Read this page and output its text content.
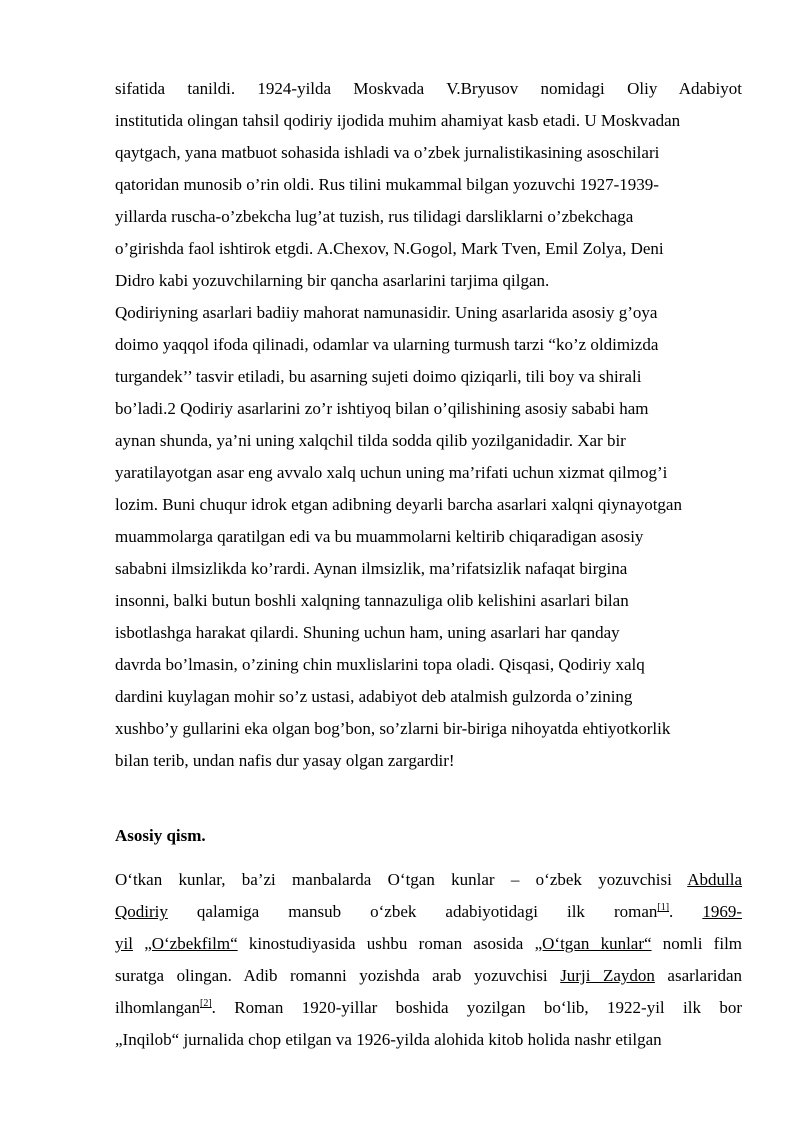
sifatida tanildi. 1924-yilda Moskvada V.Bryusov nomidagi Oliy Adabiyot
institutida olingan tahsil qodiriy ijodida muhim ahamiyat kasb etadi. U Moskvadan
qaytgach, yana matbuot sohasida ishladi va o’zbek jurnalistikasining asoschilari
qatoridan munosib o’rin oldi. Rus tilini mukammal bilgan yozuvchi 1927-1939-
yillarda ruscha-o’zbekcha lug’at tuzish, rus tilidagi darsliklarni o’zbekchaga
o’girishda faol ishtirok etgdi. A.Chexov, N.Gogol, Mark Tven, Emil Zolya, Deni
Didro kabi yozuvchilarning bir qancha asarlarini tarjima qilgan.
Qodiriyning asarlari badiiy mahorat namunasidir. Uning asarlarida asosiy g’oya
doimo yaqqol ifoda qilinadi, odamlar va ularning turmush tarzi “ko’z oldimizda
turgandek’’ tasvir etiladi, bu asarning sujeti doimo qiziqarli, tili boy va shirali
bo’ladi.2 Qodiriy asarlarini zo’r ishtiyoq bilan o’qilishining asosiy sababi ham
aynan shunda, ya’ni uning xalqchil tilda sodda qilib yozilganidadir. Xar bir
yaratilayotgan asar eng avvalo xalq uchun uning ma’rifati uchun xizmat qilmog’i
lozim. Buni chuqur idrok etgan adibning deyarli barcha asarlari xalqni qiynayotgan
muammolarga qaratilgan edi va bu muammolarni keltirib chiqaradigan asosiy
sababni ilmsizlikda ko’rardi. Aynan ilmsizlik, ma’rifatsizlik nafaqat birgina
insonni, balki butun boshli xalqning tannazuliga olib kelishini asarlari bilan
isbotlashga harakat qilardi. Shuning uchun ham, uning asarlari har qanday
davrda bo’lmasin, o’zining chin muxlislarini topa oladi. Qisqasi, Qodiriy xalq
dardini kuylagan mohir so’z ustasi, adabiyot deb atalmish gulzorda o’zining
xushbo’y gullarini eka olgan bog’bon, so’zlarni bir-biriga nihoyatda ehtiyotkorlik
bilan terib, undan nafis dur yasay olgan zargardir!
Asosiy qism.
O‘tkan kunlar, ba’zi manbalarda O‘tgan kunlar – o‘zbek yozuvchisi Abdulla
Qodiriy qalamiga mansub o‘zbek adabiyotidagi ilk roman[1]. 1969-
yil „O‘zbekfilm“ kinostudiyasida ushbu roman asosida „O‘tgan kunlar“ nomli film
suratga olingan. Adib romanni yozishda arab yozuvchisi Jurji Zaydon asarlaridan
ilhomlangan[2]. Roman 1920-yillar boshida yozilgan bo‘lib, 1922-yil ilk bor
„Inqilob“ jurnalida chop etilgan va 1926-yilda alohida kitob holida nashr etilgan
